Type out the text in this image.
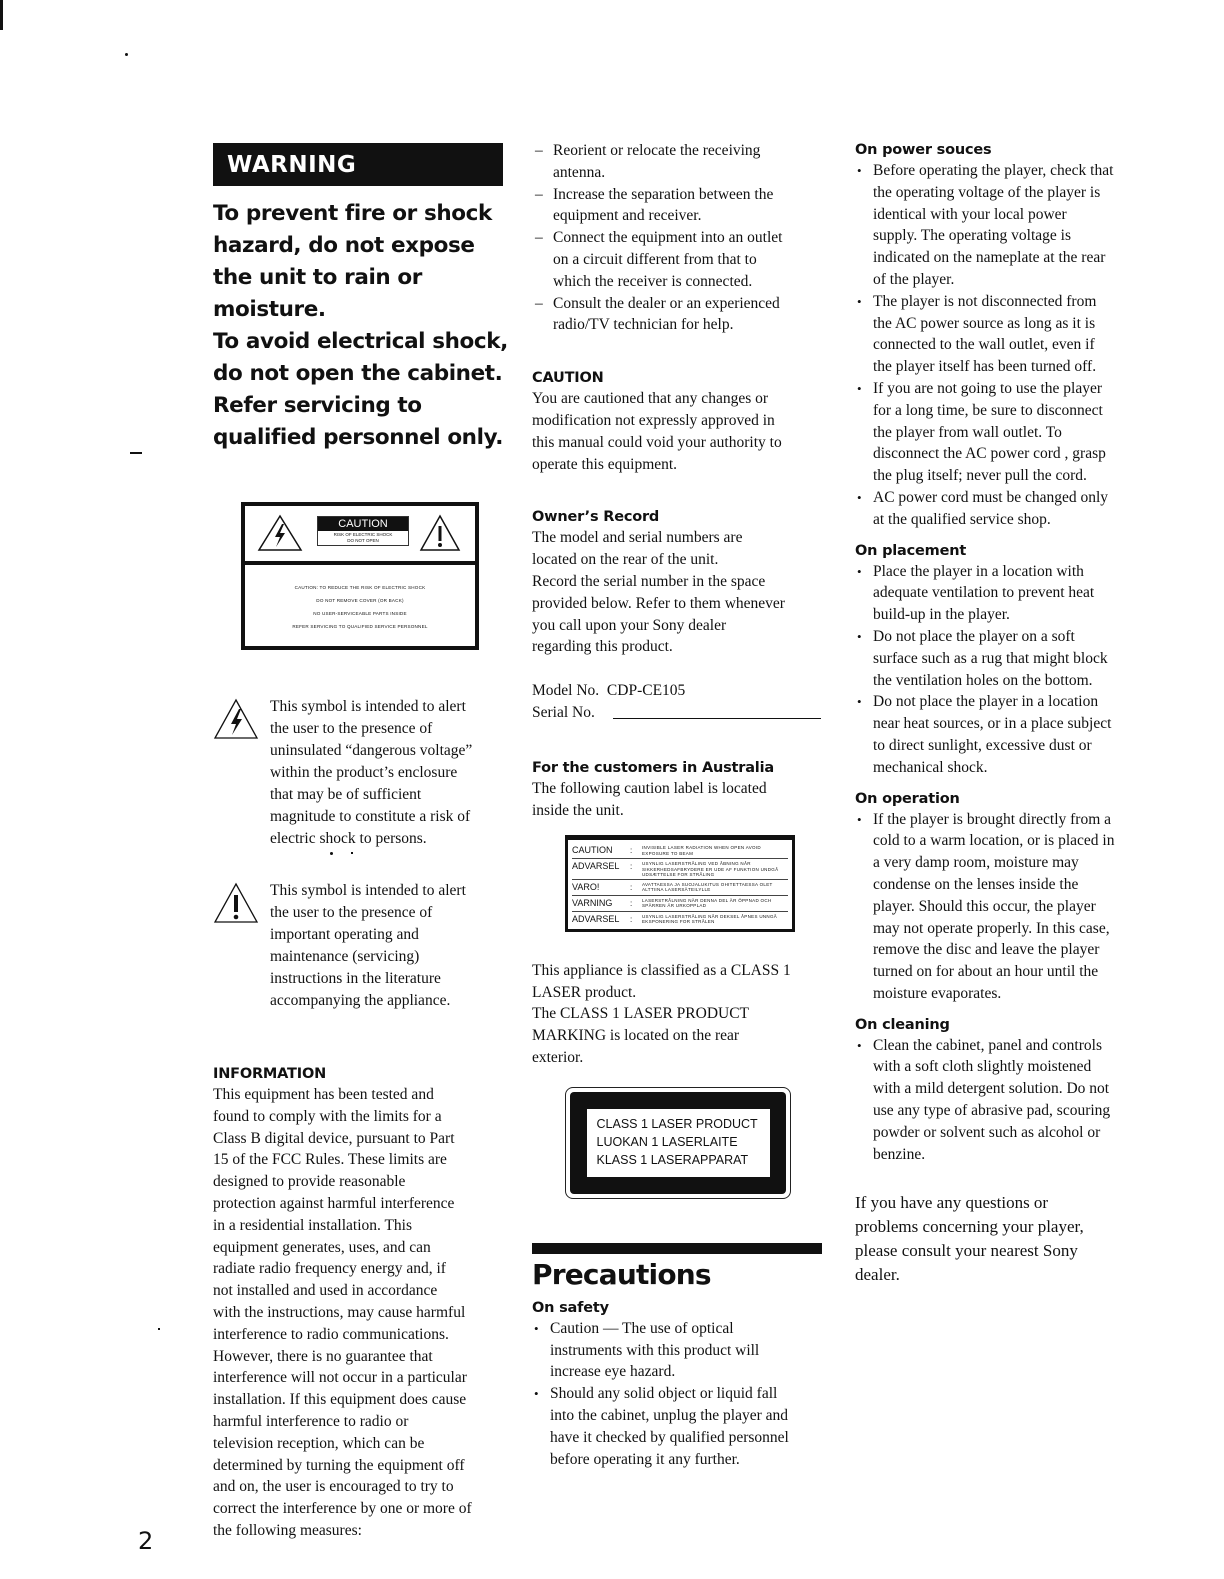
WARNING
To prevent fire or shock
hazard, do not expose
the unit to rain or
moisture.
To avoid electrical shock,
do not open the cabinet.
Refer servicing to
qualified personnel only.
CAUTION
RISK OF ELECTRIC SHOCK
DO NOT OPEN
CAUTION: TO REDUCE THE RISK OF ELECTRIC SHOCK
DO NOT REMOVE COVER (OR BACK)
NO USER-SERVICEABLE PARTS INSIDE
REFER SERVICING TO QUALIFIED SERVICE PERSONNEL
This symbol is intended to alert
the user to the presence of
uninsulated “dangerous voltage”
within the product’s enclosure
that may be of sufficient
magnitude to constitute a risk of
electric shock to persons.
This symbol is intended to alert
the user to the presence of
important operating and
maintenance (servicing)
instructions in the literature
accompanying the appliance.

INFORMATION

This equipment has been tested and
found to comply with the limits for a
Class B digital device, pursuant to Part
15 of the FCC Rules. These limits are
designed to provide reasonable
protection against harmful interference
in a residential installation. This
equipment generates, uses, and can
radiate radio frequency energy and, if
not installed and used in accordance
with the instructions, may cause harmful
interference to radio communications.
However, there is no guarantee that
interference will not occur in a particular
installation. If this equipment does cause
harmful interference to radio or
television reception, which can be
determined by turning the equipment off
and on, the user is encouraged to try to
correct the interference by one or more of
the following measures:
– Reorient or relocate the receiving
antenna.
– Increase the separation between the
equipment and receiver.
– Connect the equipment into an outlet
on a circuit different from that to
which the receiver is connected.
– Consult the dealer or an experienced
radio/TV technician for help.

CAUTION

You are cautioned that any changes or
modification not expressly approved in
this manual could void your authority to
operate this equipment.

Owner’s Record

The model and serial numbers are
located on the rear of the unit.
Record the serial number in the space
provided below. Refer to them whenever
you call upon your Sony dealer
regarding this product.
Model No. CDP-CE105
Serial No.

For the customers in Australia

The following caution label is located
inside the unit.
CAUTION	:	INVISIBLE LASER RADIATION WHEN OPEN AVOID EXPOSURE TO BEAM
ADVARSEL	:	USYNLIG LASERSTRÅLING VED ÅBNING NÅR SIKKERHEDSAFBRYDERE ER UDE AF FUNKTION UNDGÅ UDSÆTTELSE FOR STRÅLING
VARO!	:	AVATTAESSA JA SUOJALUKITUS OHITETTAESSA OLET ALTTIINA LASERSÄTEILYLLE
VARNING	:	LASERSTRÅLNING NÄR DENNA DEL ÄR ÖPPNAD OCH SPÄRREN ÄR URKOPPLAD
ADVARSEL	:	USYNLIG LASERSTRÅLING NÅR DEKSEL ÅPNES UNNGÅ EKSPONERING FOR STRÅLEN
This appliance is classified as a CLASS 1
LASER product.
The CLASS 1 LASER PRODUCT
MARKING is located on the rear
exterior.
CLASS 1 LASER PRODUCT
LUOKAN 1 LASERLAITE
KLASS 1 LASERAPPARAT
Precautions

On safety

• Caution — The use of optical
instruments with this product will
increase eye hazard.
• Should any solid object or liquid fall
into the cabinet, unplug the player and
have it checked by qualified personnel
before operating it any further.

On power souces

• Before operating the player, check that
the operating voltage of the player is
identical with your local power
supply. The operating voltage is
indicated on the nameplate at the rear
of the player.
• The player is not disconnected from
the AC power source as long as it is
connected to the wall outlet, even if
the player itself has been turned off.
• If you are not going to use the player
for a long time, be sure to disconnect
the player from wall outlet. To
disconnect the AC power cord , grasp
the plug itself; never pull the cord.
• AC power cord must be changed only
at the qualified service shop.

On placement

• Place the player in a location with
adequate ventilation to prevent heat
build-up in the player.
• Do not place the player on a soft
surface such as a rug that might block
the ventilation holes on the bottom.
• Do not place the player in a location
near heat sources, or in a place subject
to direct sunlight, excessive dust or
mechanical shock.

On operation

• If the player is brought directly from a
cold to a warm location, or is placed in
a very damp room, moisture may
condense on the lenses inside the
player. Should this occur, the player
may not operate properly. In this case,
remove the disc and leave the player
turned on for about an hour until the
moisture evaporates.

On cleaning

• Clean the cabinet, panel and controls
with a soft cloth slightly moistened
with a mild detergent solution. Do not
use any type of abrasive pad, scouring
powder or solvent such as alcohol or
benzine.
If you have any questions or
problems concerning your player,
please consult your nearest Sony
dealer.
2
